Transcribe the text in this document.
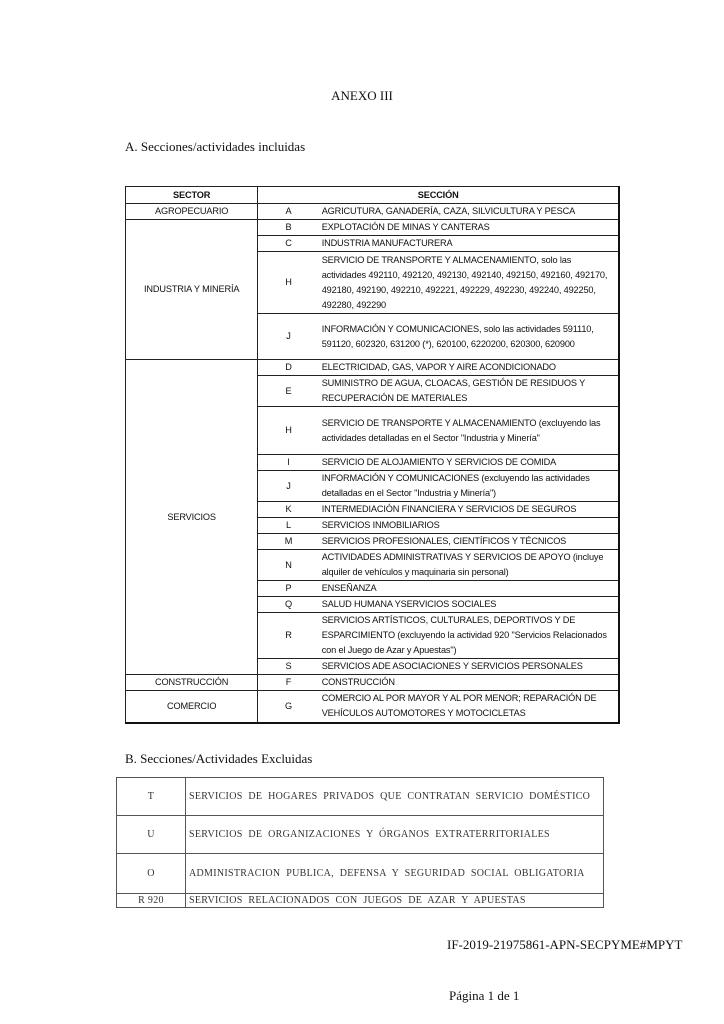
ANEXO III
A. Secciones/actividades incluidas
SECTOR	SECCIÓN	
AGROPECUARIO	A	AGRICUTURA, GANADERÍA, CAZA, SILVICULTURA Y PESCA
INDUSTRIA Y MINERÍA	B	EXPLOTACIÓN DE MINAS Y CANTERAS
	C	INDUSTRIA MANUFACTURERA
	H	SERVICIO DE TRANSPORTE Y ALMACENAMIENTO, solo las actividades 492110, 492120, 492130, 492140, 492150, 492160, 492170, 492180, 492190, 492210, 492221, 492229, 492230, 492240, 492250, 492280, 492290
	J	INFORMACIÓN Y COMUNICACIONES, solo las actividades 591110, 591120, 602320, 631200 (*), 620100, 6220200, 620300, 620900
SERVICIOS	D	ELECTRICIDAD, GAS, VAPOR Y AIRE ACONDICIONADO
	E	SUMINISTRO DE AGUA, CLOACAS, GESTIÓN DE RESIDUOS Y RECUPERACIÓN DE MATERIALES
	H	SERVICIO DE TRANSPORTE Y ALMACENAMIENTO (excluyendo las actividades detalladas en el Sector "Industria y Minería"
	I	SERVICIO DE ALOJAMIENTO Y SERVICIOS DE COMIDA
	J	INFORMACIÓN Y COMUNICACIONES (excluyendo las actividades detalladas en el Sector "Industria y Minería")
	K	INTERMEDIACIÓN FINANCIERA Y SERVICIOS DE SEGUROS
	L	SERVICIOS INMOBILIARIOS
	M	SERVICIOS PROFESIONALES, CIENTÍFICOS Y TÉCNICOS
	N	ACTIVIDADES ADMINISTRATIVAS Y SERVICIOS DE APOYO (incluye alquiler de vehículos y maquinaria sin personal)
	P	ENSEÑANZA
	Q	SALUD HUMANA YSERVICIOS SOCIALES
	R	SERVICIOS ARTÍSTICOS, CULTURALES, DEPORTIVOS Y DE ESPARCIMIENTO (excluyendo la actividad 920 "Servicios Relacionados con el Juego de Azar y Apuestas")
	S	SERVICIOS ADE ASOCIACIONES Y SERVICIOS PERSONALES
CONSTRUCCIÓN	F	CONSTRUCCIÓN
COMERCIO	G	COMERCIO AL POR MAYOR Y AL POR MENOR; REPARACIÓN DE VEHÍCULOS AUTOMOTORES Y MOTOCICLETAS
B. Secciones/Actividades Excluidas
T	SERVICIOS DE HOGARES PRIVADOS QUE CONTRATAN SERVICIO DOMÉSTICO
U	SERVICIOS DE ORGANIZACIONES Y ÓRGANOS EXTRATERRITORIALES
O	ADMINISTRACION PUBLICA, DEFENSA Y SEGURIDAD SOCIAL OBLIGATORIA
R 920	SERVICIOS RELACIONADOS CON JUEGOS DE AZAR Y APUESTAS
IF-2019-21975861-APN-SECPYME#MPYT
Página 1 de 1
